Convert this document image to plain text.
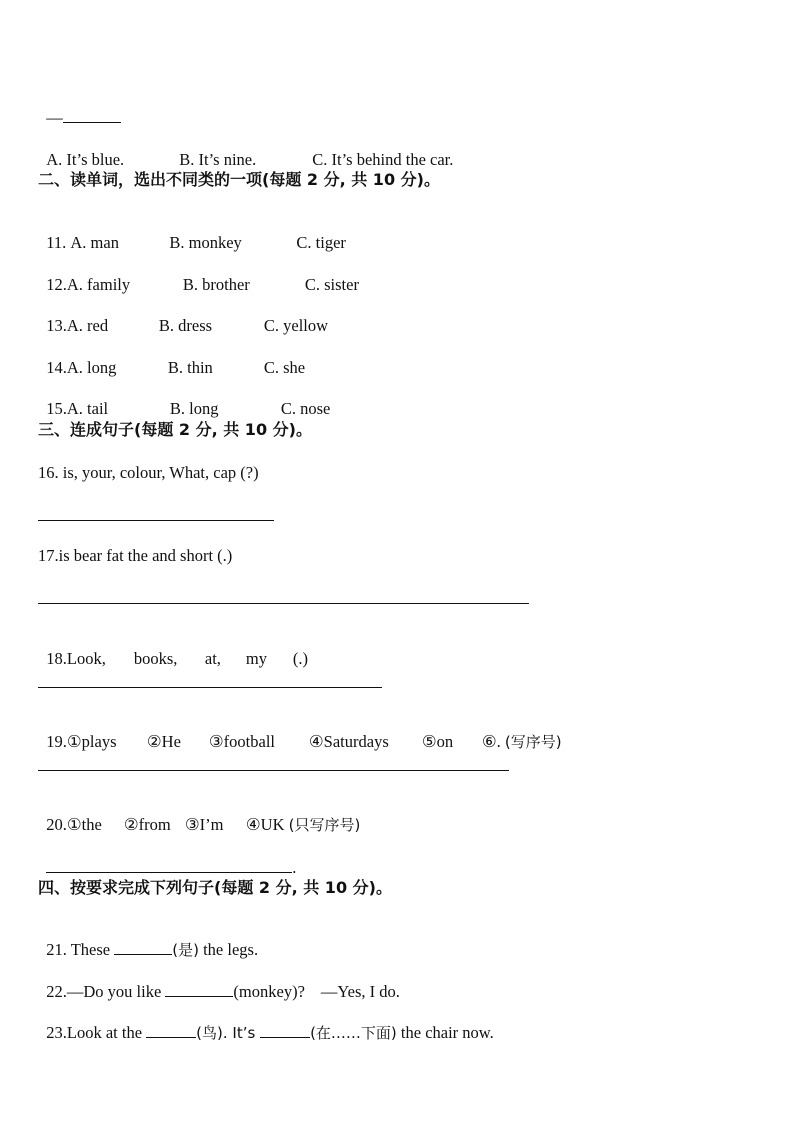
—

A. It’s blue.	B. It’s nine.	C. It’s behind the car.

二、读单词，选出不同类的一项(每题 2 分, 共 10 分)。

11. A. man	B. monkey	C. tiger

12.A. family	B. brother	C. sister

13.A. red	B. dress	C. yellow

14.A. long	B. thin	C. she

15.A. tail	B. long	C. nose

三、连成句子(每题 2 分, 共 10 分)。
16. is, your, colour, What, cap (?)
17.is bear fat the and short (.)

18.Look, books, at, my (.)

19.①plays ②He ③football ④Saturdays ⑤on ⑥. (写序号)

20.①the ②from ③I’m ④UK (只写序号)

.

四、按要求完成下列句子(每题 2 分, 共 10 分)。

21. These	(是) the legs.

22.—Do you like	(monkey)? —Yes, I do.

23.Look at the	(鸟). It’s	(在……下面) the chair now.
